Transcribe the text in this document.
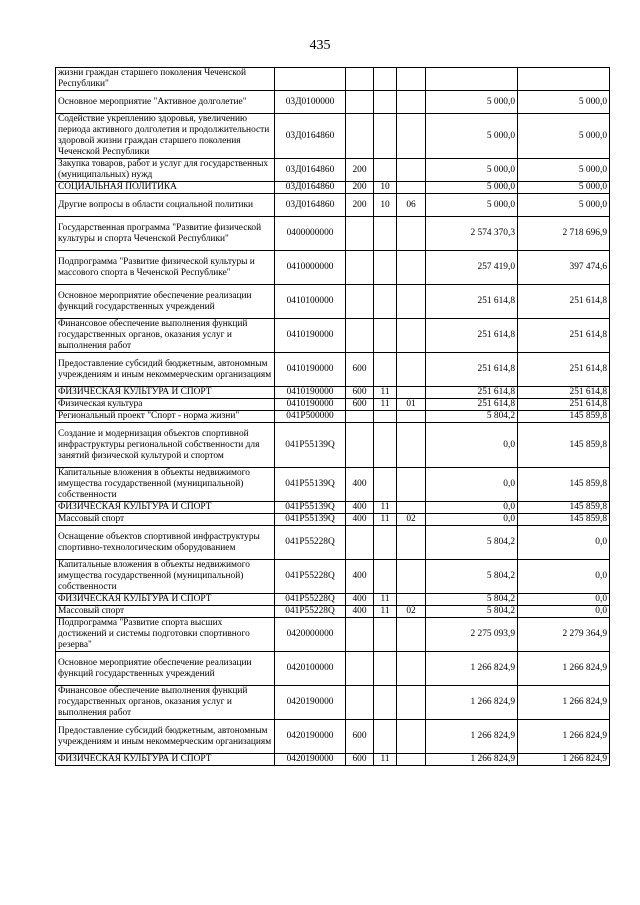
435
жизни граждан старшего поколения Чеченской Республики"						
Основное мероприятие "Активное долголетие"	03Д0100000				5 000,0	5 000,0
Содействие укреплению здоровья, увеличению периода активного долголетия и продолжительности здоровой жизни граждан старшего поколения Чеченской Республики	03Д0164860				5 000,0	5 000,0
Закупка товаров, работ и услуг для государственных (муниципальных) нужд	03Д0164860	200			5 000,0	5 000,0
СОЦИАЛЬНАЯ ПОЛИТИКА	03Д0164860	200	10		5 000,0	5 000,0
Другие вопросы в области социальной политики	03Д0164860	200	10	06	5 000,0	5 000,0
Государственная программа "Развитие физической культуры и спорта Чеченской Республики"	0400000000				2 574 370,3	2 718 696,9
Подпрограмма "Развитие физической культуры и массового спорта в Чеченской Республике"	0410000000				257 419,0	397 474,6
Основное мероприятие обеспечение реализации функций государственных учреждений	0410100000				251 614,8	251 614,8
Финансовое обеспечение выполнения функций государственных органов, оказания услуг и выполнения работ	0410190000				251 614,8	251 614,8
Предоставление субсидий бюджетным, автономным учреждениям и иным некоммерческим организациям	0410190000	600			251 614,8	251 614,8
ФИЗИЧЕСКАЯ КУЛЬТУРА И СПОРТ	0410190000	600	11		251 614,8	251 614,8
Физическая культура	0410190000	600	11	01	251 614,8	251 614,8
Региональный проект "Спорт - норма жизни"	041P500000				5 804,2	145 859,8
Создание и модернизация объектов спортивной инфраструктуры региональной собственности для занятий физической культурой и спортом	041P55139Q				0,0	145 859,8
Капитальные вложения в объекты недвижимого имущества государственной (муниципальной) собственности	041P55139Q	400			0,0	145 859,8
ФИЗИЧЕСКАЯ КУЛЬТУРА И СПОРТ	041P55139Q	400	11		0,0	145 859,8
Массовый спорт	041P55139Q	400	11	02	0,0	145 859,8
Оснащение объектов спортивной инфраструктуры спортивно-технологическим оборудованием	041P55228Q				5 804,2	0,0
Капитальные вложения в объекты недвижимого имущества государственной (муниципальной) собственности	041P55228Q	400			5 804,2	0,0
ФИЗИЧЕСКАЯ КУЛЬТУРА И СПОРТ	041P55228Q	400	11		5 804,2	0,0
Массовый спорт	041P55228Q	400	11	02	5 804,2	0,0
Подпрограмма "Развитие спорта высших достижений и системы подготовки спортивного резерва"	0420000000				2 275 093,9	2 279 364,9
Основное мероприятие обеспечение реализации функций государственных учреждений	0420100000				1 266 824,9	1 266 824,9
Финансовое обеспечение выполнения функций государственных органов, оказания услуг и выполнения работ	0420190000				1 266 824,9	1 266 824,9
Предоставление субсидий бюджетным, автономным учреждениям и иным некоммерческим организациям	0420190000	600			1 266 824,9	1 266 824,9
ФИЗИЧЕСКАЯ КУЛЬТУРА И СПОРТ	0420190000	600	11		1 266 824,9	1 266 824,9
